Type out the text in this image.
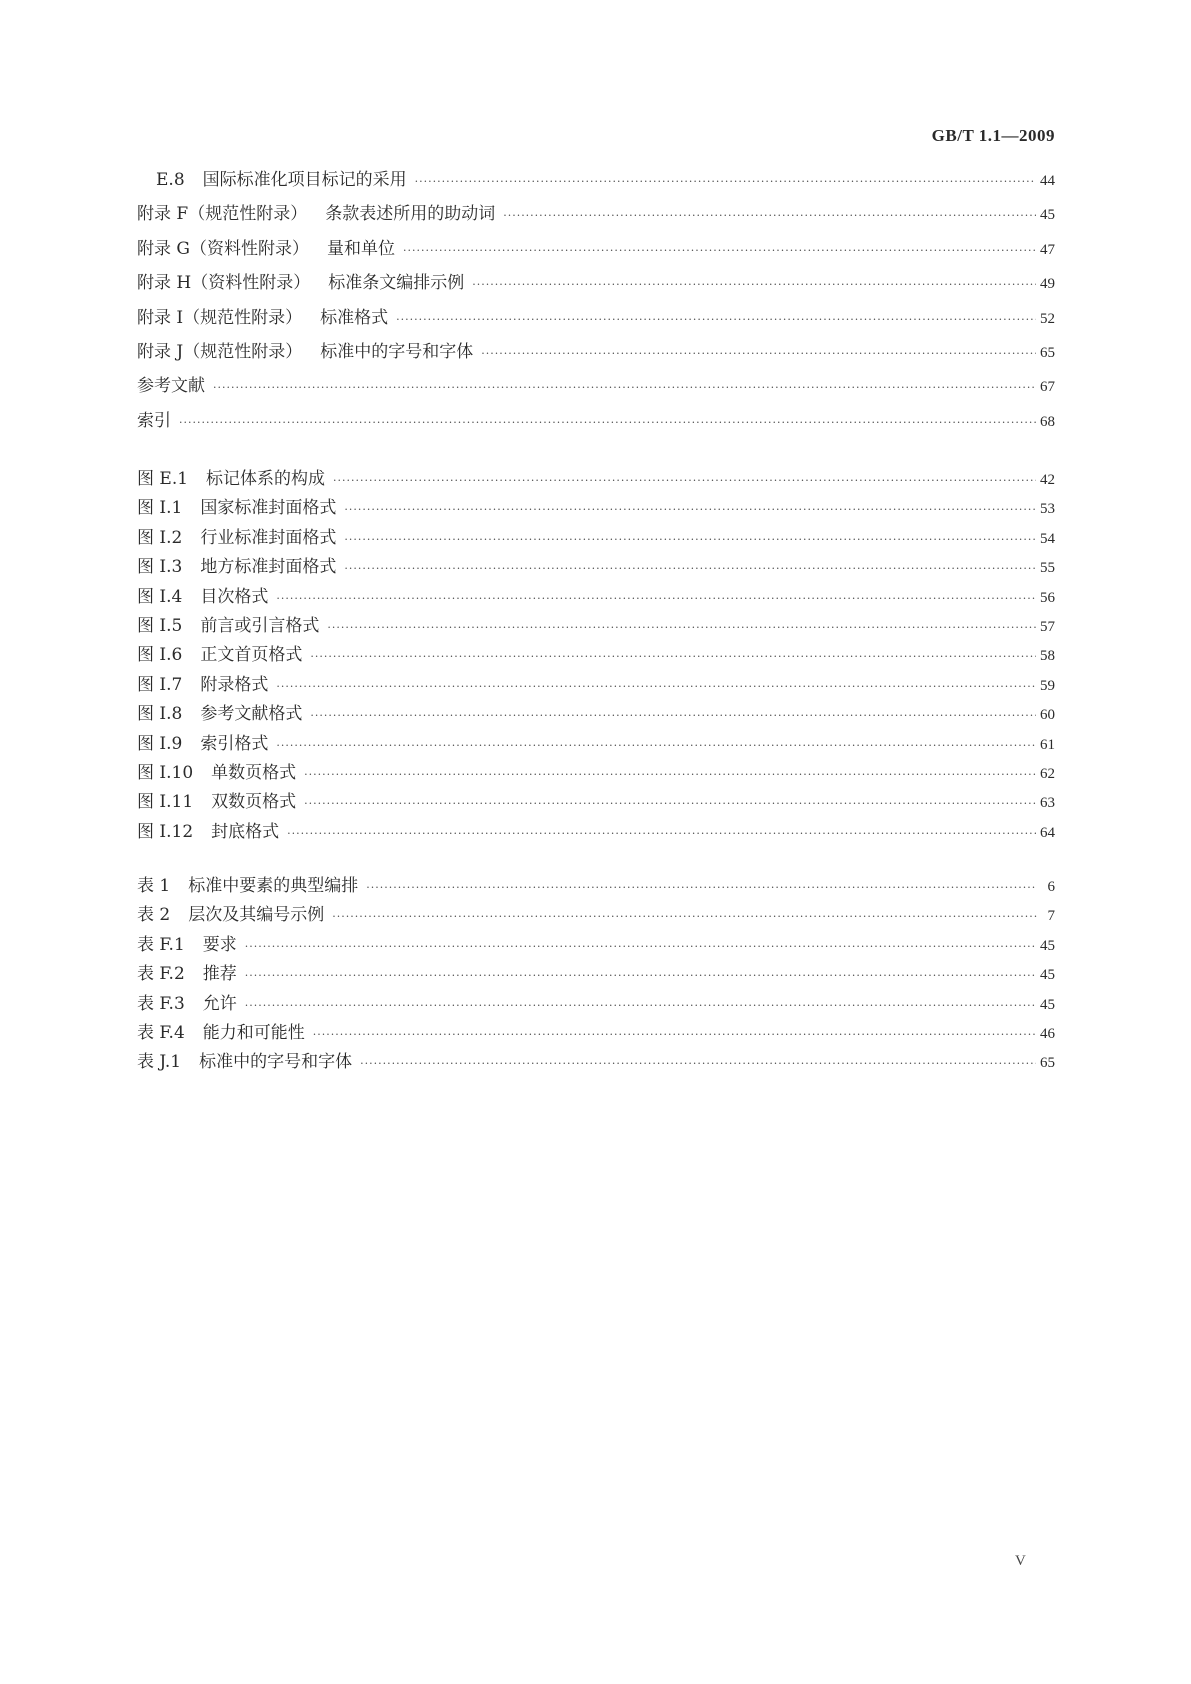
GB/T 1.1—2009
E.8 国际标准化项目标记的采用 ·····	44
附录 F（规范性附录） 条款表述所用的助动词 ·····	45
附录 G（资料性附录） 量和单位 ·····	47
附录 H（资料性附录） 标准条文编排示例 ·····	49
附录 I（规范性附录） 标准格式 ·····	52
附录 J（规范性附录） 标准中的字号和字体 ·····	65
参考文献 ·····	67
索引 ·····	68
图 E.1 标记体系的构成 ·····	42
图 I.1 国家标准封面格式 ·····	53
图 I.2 行业标准封面格式 ·····	54
图 I.3 地方标准封面格式 ·····	55
图 I.4 目次格式 ·····	56
图 I.5 前言或引言格式 ·····	57
图 I.6 正文首页格式 ·····	58
图 I.7 附录格式 ·····	59
图 I.8 参考文献格式 ·····	60
图 I.9 索引格式 ·····	61
图 I.10 单数页格式 ·····	62
图 I.11 双数页格式 ·····	63
图 I.12 封底格式 ·····	64
表 1 标准中要素的典型编排 ·····	6
表 2 层次及其编号示例 ·····	7
表 F.1 要求 ·····	45
表 F.2 推荐 ·····	45
表 F.3 允许 ·····	45
表 F.4 能力和可能性 ·····	46
表 J.1 标准中的字号和字体 ·····	65
V
